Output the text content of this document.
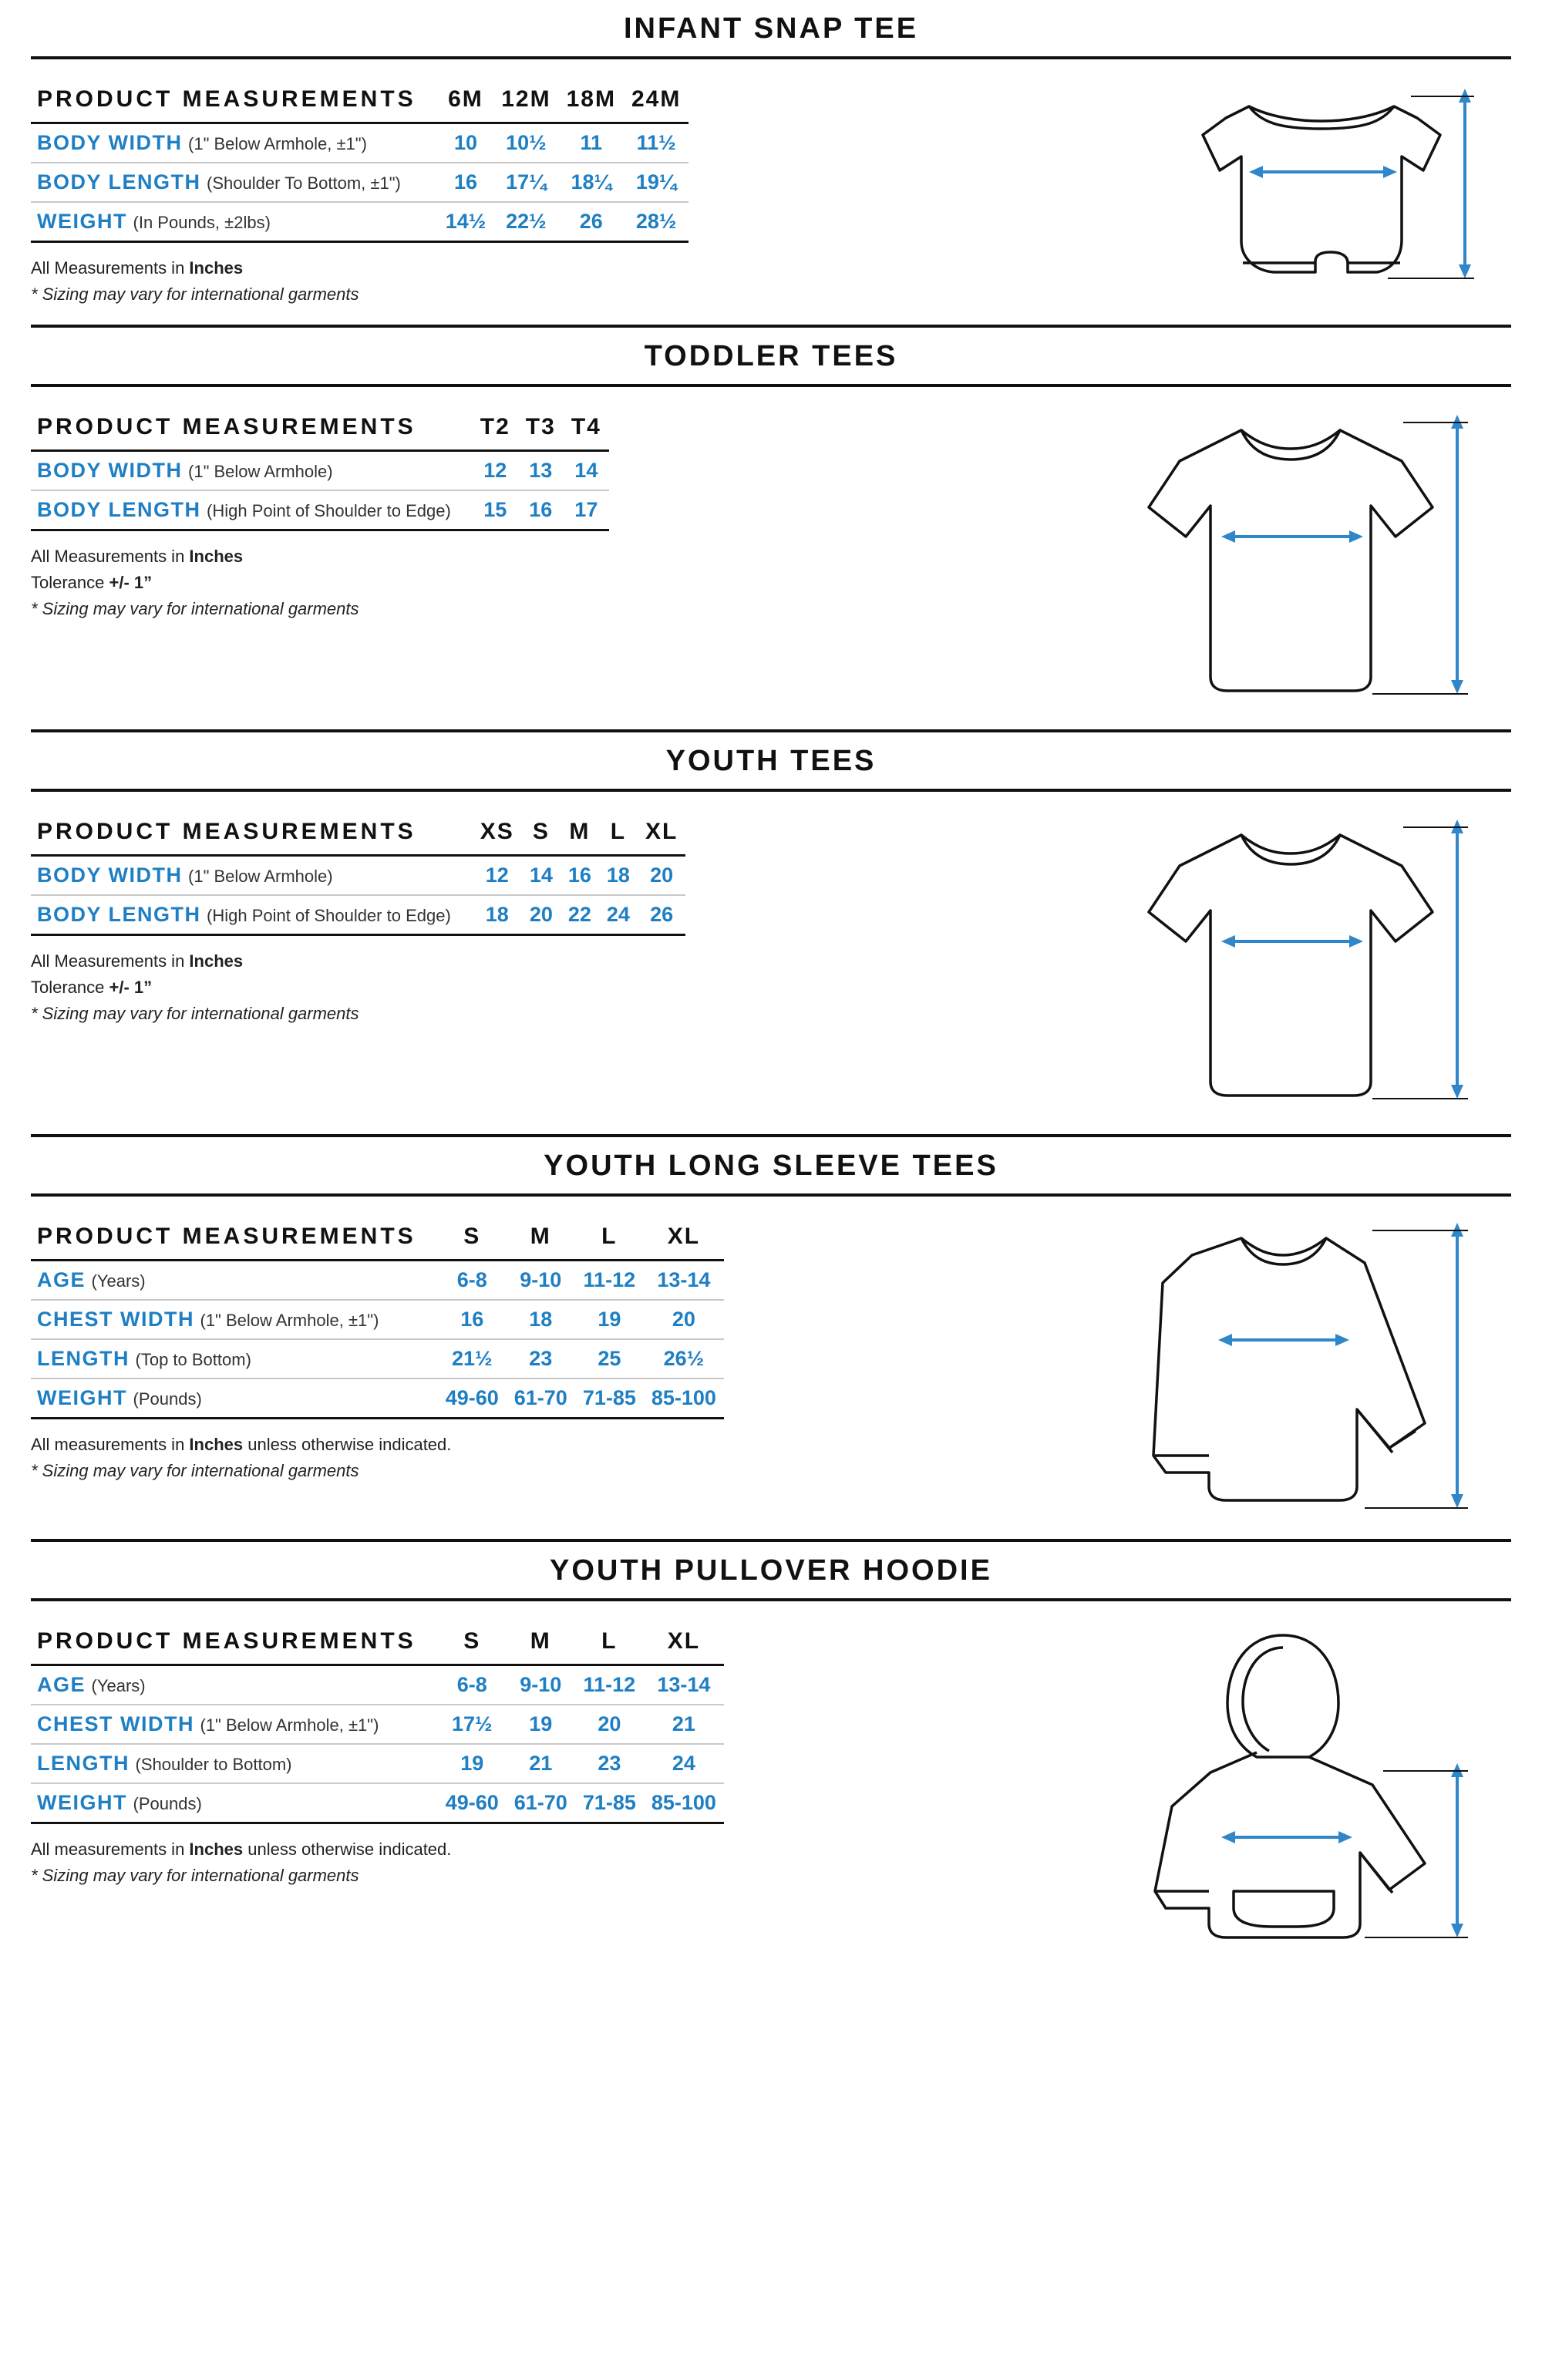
INFANT SNAP TEE
PRODUCT MEASUREMENTS	6M	12M	18M	24M
BODY WIDTH (1" Below Armhole, ±1")	10	10½	11	11½
BODY LENGTH (Shoulder To Bottom, ±1")	16	17¼	18¼	19¼
WEIGHT (In Pounds, ±2lbs)	14½	22½	26	28½
All Measurements in Inches
* Sizing may vary for international garments
TODDLER TEES
PRODUCT MEASUREMENTS	T2	T3	T4
BODY WIDTH (1" Below Armhole)	12	13	14
BODY LENGTH (High Point of Shoulder to Edge)	15	16	17
All Measurements in Inches
Tolerance +/- 1”
* Sizing may vary for international garments
YOUTH TEES
PRODUCT MEASUREMENTS	XS	S	M	L	XL
BODY WIDTH (1" Below Armhole)	12	14	16	18	20
BODY LENGTH (High Point of Shoulder to Edge)	18	20	22	24	26
All Measurements in Inches
Tolerance +/- 1”
* Sizing may vary for international garments
YOUTH LONG SLEEVE TEES
PRODUCT MEASUREMENTS	S	M	L	XL
AGE (Years)	6-8	9-10	11-12	13-14
CHEST WIDTH (1" Below Armhole, ±1")	16	18	19	20
LENGTH (Top to Bottom)	21½	23	25	26½
WEIGHT (Pounds)	49-60	61-70	71-85	85-100
All measurements in Inches unless otherwise indicated.
* Sizing may vary for international garments
YOUTH PULLOVER HOODIE
PRODUCT MEASUREMENTS	S	M	L	XL
AGE (Years)	6-8	9-10	11-12	13-14
CHEST WIDTH (1" Below Armhole, ±1")	17½	19	20	21
LENGTH (Shoulder to Bottom)	19	21	23	24
WEIGHT (Pounds)	49-60	61-70	71-85	85-100
All measurements in Inches unless otherwise indicated.
* Sizing may vary for international garments
